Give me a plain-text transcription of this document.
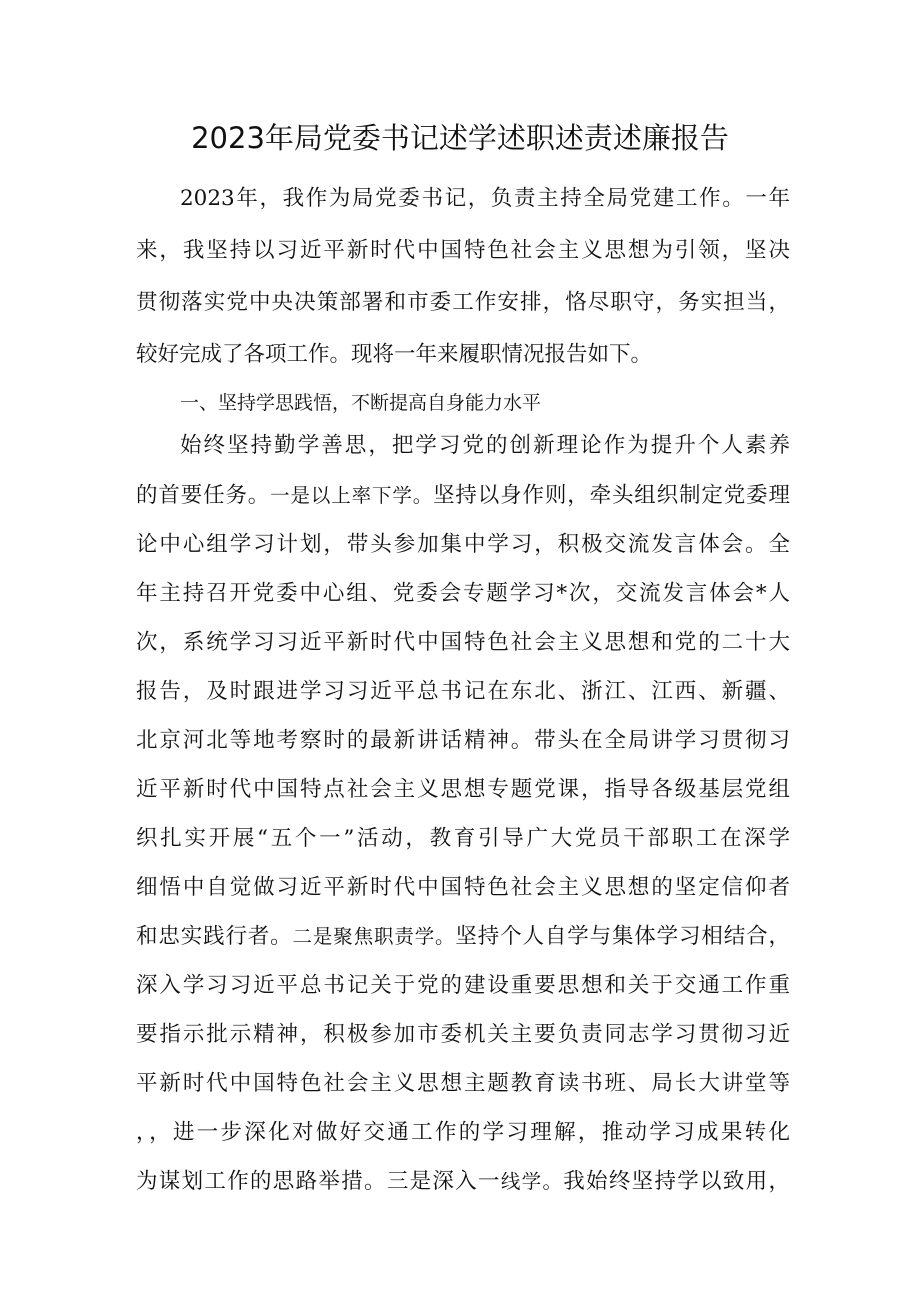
2023年局党委书记述学述职述责述廉报告

2023年，我作为局党委书记，负责主持全局党建工作。一年

来，我坚持以习近平新时代中国特色社会主义思想为引领，坚决

贯彻落实党中央决策部署和市委工作安排，恪尽职守，务实担当，

较好完成了各项工作。现将一年来履职情况报告如下。

一、坚持学思践悟，不断提高自身能力水平

始终坚持勤学善思，把学习党的创新理论作为提升个人素养

的首要任务。一是以上率下学。坚持以身作则，牵头组织制定党委理

论中心组学习计划，带头参加集中学习，积极交流发言体会。全

年主持召开党委中心组、党委会专题学习*次，交流发言体会*人

次，系统学习习近平新时代中国特色社会主义思想和党的二十大

报告，及时跟进学习习近平总书记在东北、浙江、江西、新疆、

北京河北等地考察时的最新讲话精神。带头在全局讲学习贯彻习

近平新时代中国特点社会主义思想专题党课，指导各级基层党组

织扎实开展“五个一”活动，教育引导广大党员干部职工在深学

细悟中自觉做习近平新时代中国特色社会主义思想的坚定信仰者

和忠实践行者。二是聚焦职责学。坚持个人自学与集体学习相结合，

深入学习习近平总书记关于党的建设重要思想和关于交通工作重

要指示批示精神，积极参加市委机关主要负责同志学习贯彻习近

平新时代中国特色社会主义思想主题教育读书班、局长大讲堂等

，，进一步深化对做好交通工作的学习理解，推动学习成果转化

为谋划工作的思路举措。三是深入一线学。我始终坚持学以致用，
